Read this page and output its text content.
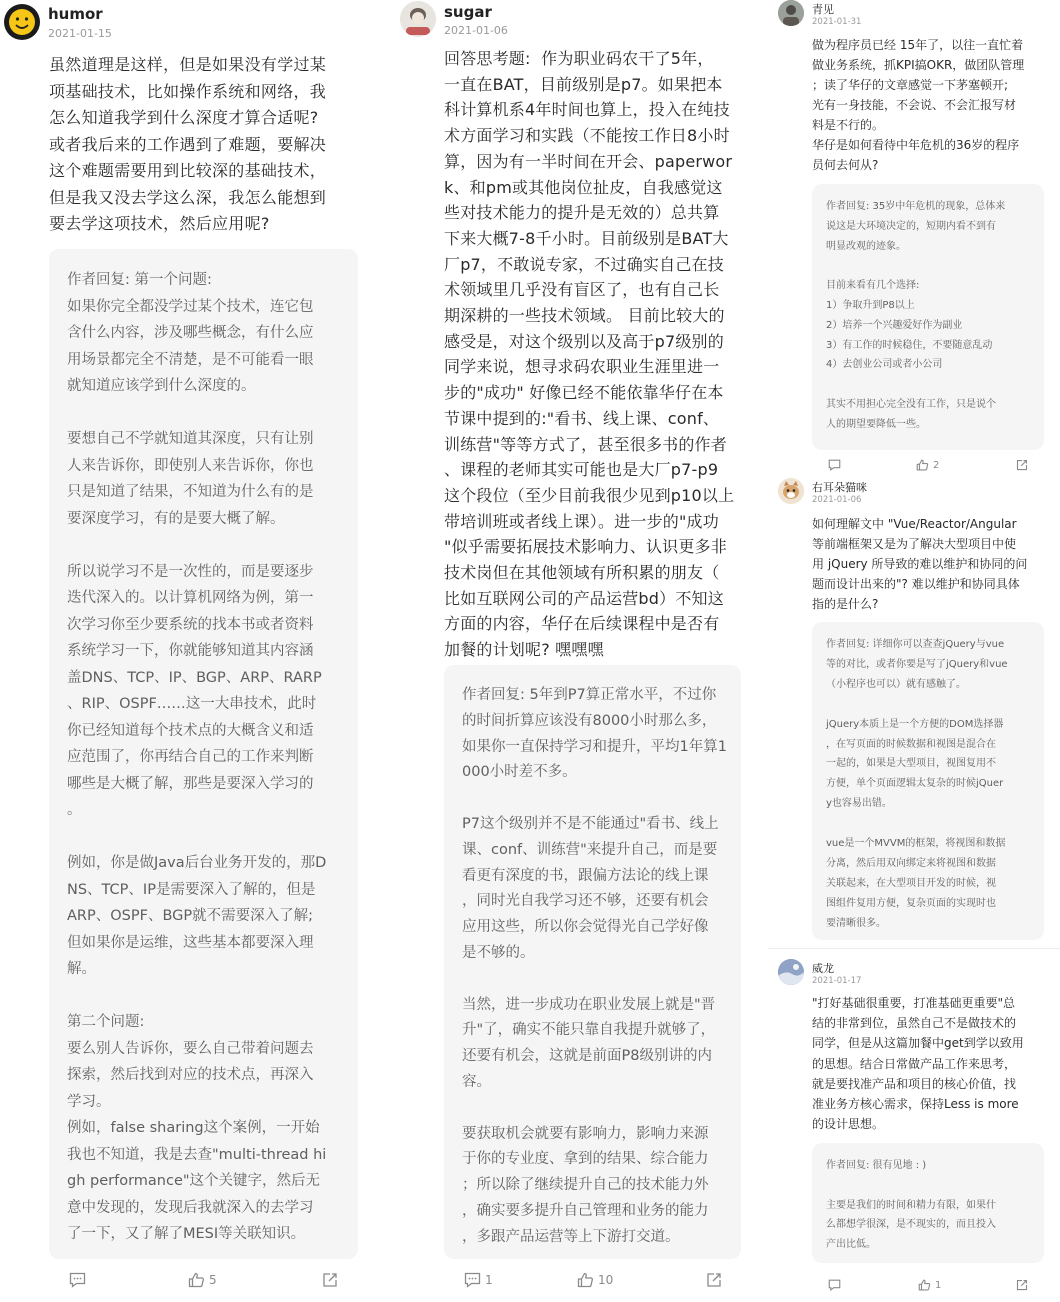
humor
2021-01-15
虽然道理是这样，但是如果没有学过某
项基础技术，比如操作系统和网络，我
怎么知道我学到什么深度才算合适呢?
或者我后来的工作遇到了难题，要解决
这个难题需要用到比较深的基础技术，
但是我又没去学这么深，我怎么能想到
要去学这项技术，然后应用呢?
作者回复: 第一个问题:
如果你完全都没学过某个技术，连它包
含什么内容，涉及哪些概念，有什么应
用场景都完全不清楚，是不可能看一眼
就知道应该学到什么深度的。

要想自己不学就知道其深度，只有让别
人来告诉你，即使别人来告诉你，你也
只是知道了结果，不知道为什么有的是
要深度学习，有的是要大概了解。

所以说学习不是一次性的，而是要逐步
迭代深入的。以计算机网络为例，第一
次学习你至少要系统的找本书或者资料
系统学习一下，你就能够知道其内容涵
盖DNS、TCP、IP、BGP、ARP、RARP
、RIP、OSPF……这一大串技术，此时
你已经知道每个技术点的大概含义和适
应范围了，你再结合自己的工作来判断
哪些是大概了解，那些是要深入学习的
。

例如，你是做Java后台业务开发的，那D
NS、TCP、IP是需要深入了解的，但是
ARP、OSPF、BGP就不需要深入了解;
但如果你是运维，这些基本都要深入理
解。

第二个问题:
要么别人告诉你，要么自己带着问题去
探索，然后找到对应的技术点，再深入
学习。
例如，false sharing这个案例，一开始
我也不知道，我是去查"multi-thread hi
gh performance"这个关键字，然后无
意中发现的，发现后我就深入的去学习
了一下，又了解了MESI等关联知识。
5
sugar
2021-01-06
回答思考题:  作为职业码农干了5年，
一直在BAT，目前级别是p7。如果把本
科计算机系4年时间也算上，投入在纯技
术方面学习和实践（不能按工作日8小时
算，因为有一半时间在开会、paperwor
k、和pm或其他岗位扯皮，自我感觉这
些对技术能力的提升是无效的）总共算
下来大概7-8千小时。目前级别是BAT大
厂p7，不敢说专家，不过确实自己在技
术领域里几乎没有盲区了，也有自己长
期深耕的一些技术领域。 目前比较大的
感受是，对这个级别以及高于p7级别的
同学来说，想寻求码农职业生涯里进一
步的"成功" 好像已经不能依靠华仔在本
节课中提到的:"看书、线上课、conf、
训练营"等等方式了，甚至很多书的作者
、课程的老师其实可能也是大厂p7-p9
这个段位（至少目前我很少见到p10以上
带培训班或者线上课）。进一步的"成功
"似乎需要拓展技术影响力、认识更多非
技术岗但在其他领域有所积累的朋友（
比如互联网公司的产品运营bd）不知这
方面的内容，华仔在后续课程中是否有
加餐的计划呢? 嘿嘿嘿
作者回复: 5年到P7算正常水平，不过你
的时间折算应该没有8000小时那么多，
如果你一直保持学习和提升，平均1年算1
000小时差不多。

P7这个级别并不是不能通过"看书、线上
课、conf、训练营"来提升自己，而是要
看更有深度的书，跟偏方法论的线上课
，同时光自我学习还不够，还要有机会
应用这些，所以你会觉得光自己学好像
是不够的。

当然，进一步成功在职业发展上就是"晋
升"了，确实不能只靠自我提升就够了，
还要有机会，这就是前面P8级别讲的内
容。

要获取机会就要有影响力，影响力来源
于你的专业度、拿到的结果、综合能力
；所以除了继续提升自己的技术能力外
，确实要多提升自己管理和业务的能力
，多跟产品运营等上下游打交道。
1	10
青见
2021-01-31
做为程序员已经 15年了，以往一直忙着
做业务系统，抓KPI搞OKR，做团队管理
；读了华仔的文章感觉一下茅塞顿开;
光有一身技能，不会说、不会汇报写材
料是不行的。
华仔是如何看待中年危机的36岁的程序
员何去何从?
作者回复: 35岁中年危机的现象，总体来
说这是大环境决定的，短期内看不到有
明显改观的迹象。

目前来看有几个选择:
1）争取升到P8以上
2）培养一个兴趣爱好作为副业
3）有工作的时候稳住，不要随意乱动
4）去创业公司或者小公司

其实不用担心完全没有工作，只是说个
人的期望要降低一些。
2
右耳朵猫咪
2021-01-06
如何理解文中 "Vue/Reactor/Angular
等前端框架又是为了解决大型项目中使
用 jQuery 所导致的难以维护和协同的问
题而设计出来的"? 难以维护和协同具体
指的是什么?
作者回复: 详细你可以查查jQuery与vue
等的对比，或者你要是写了jQuery和vue
（小程序也可以）就有感触了。

jQuery本质上是一个方便的DOM选择器
，在写页面的时候数据和视图是混合在
一起的，如果是大型项目，视图复用不
方便，单个页面逻辑太复杂的时候jQuer
y也容易出错。

vue是一个MVVM的框架，将视图和数据
分离，然后用双向绑定来将视图和数据
关联起来，在大型项目开发的时候，视
图组件复用方便，复杂页面的实现时也
要清晰很多。
威龙
2021-01-17
"打好基础很重要，打准基础更重要"总
结的非常到位，虽然自己不是做技术的
同学，但是从这篇加餐中get到学以致用
的思想。结合日常做产品工作来思考，
就是要找准产品和项目的核心价值，找
准业务方核心需求，保持Less is more
的设计思想。
作者回复: 很有见地 : )

主要是我们的时间和精力有限，如果什
么都想学很深，是不现实的，而且投入
产出比低。
1
